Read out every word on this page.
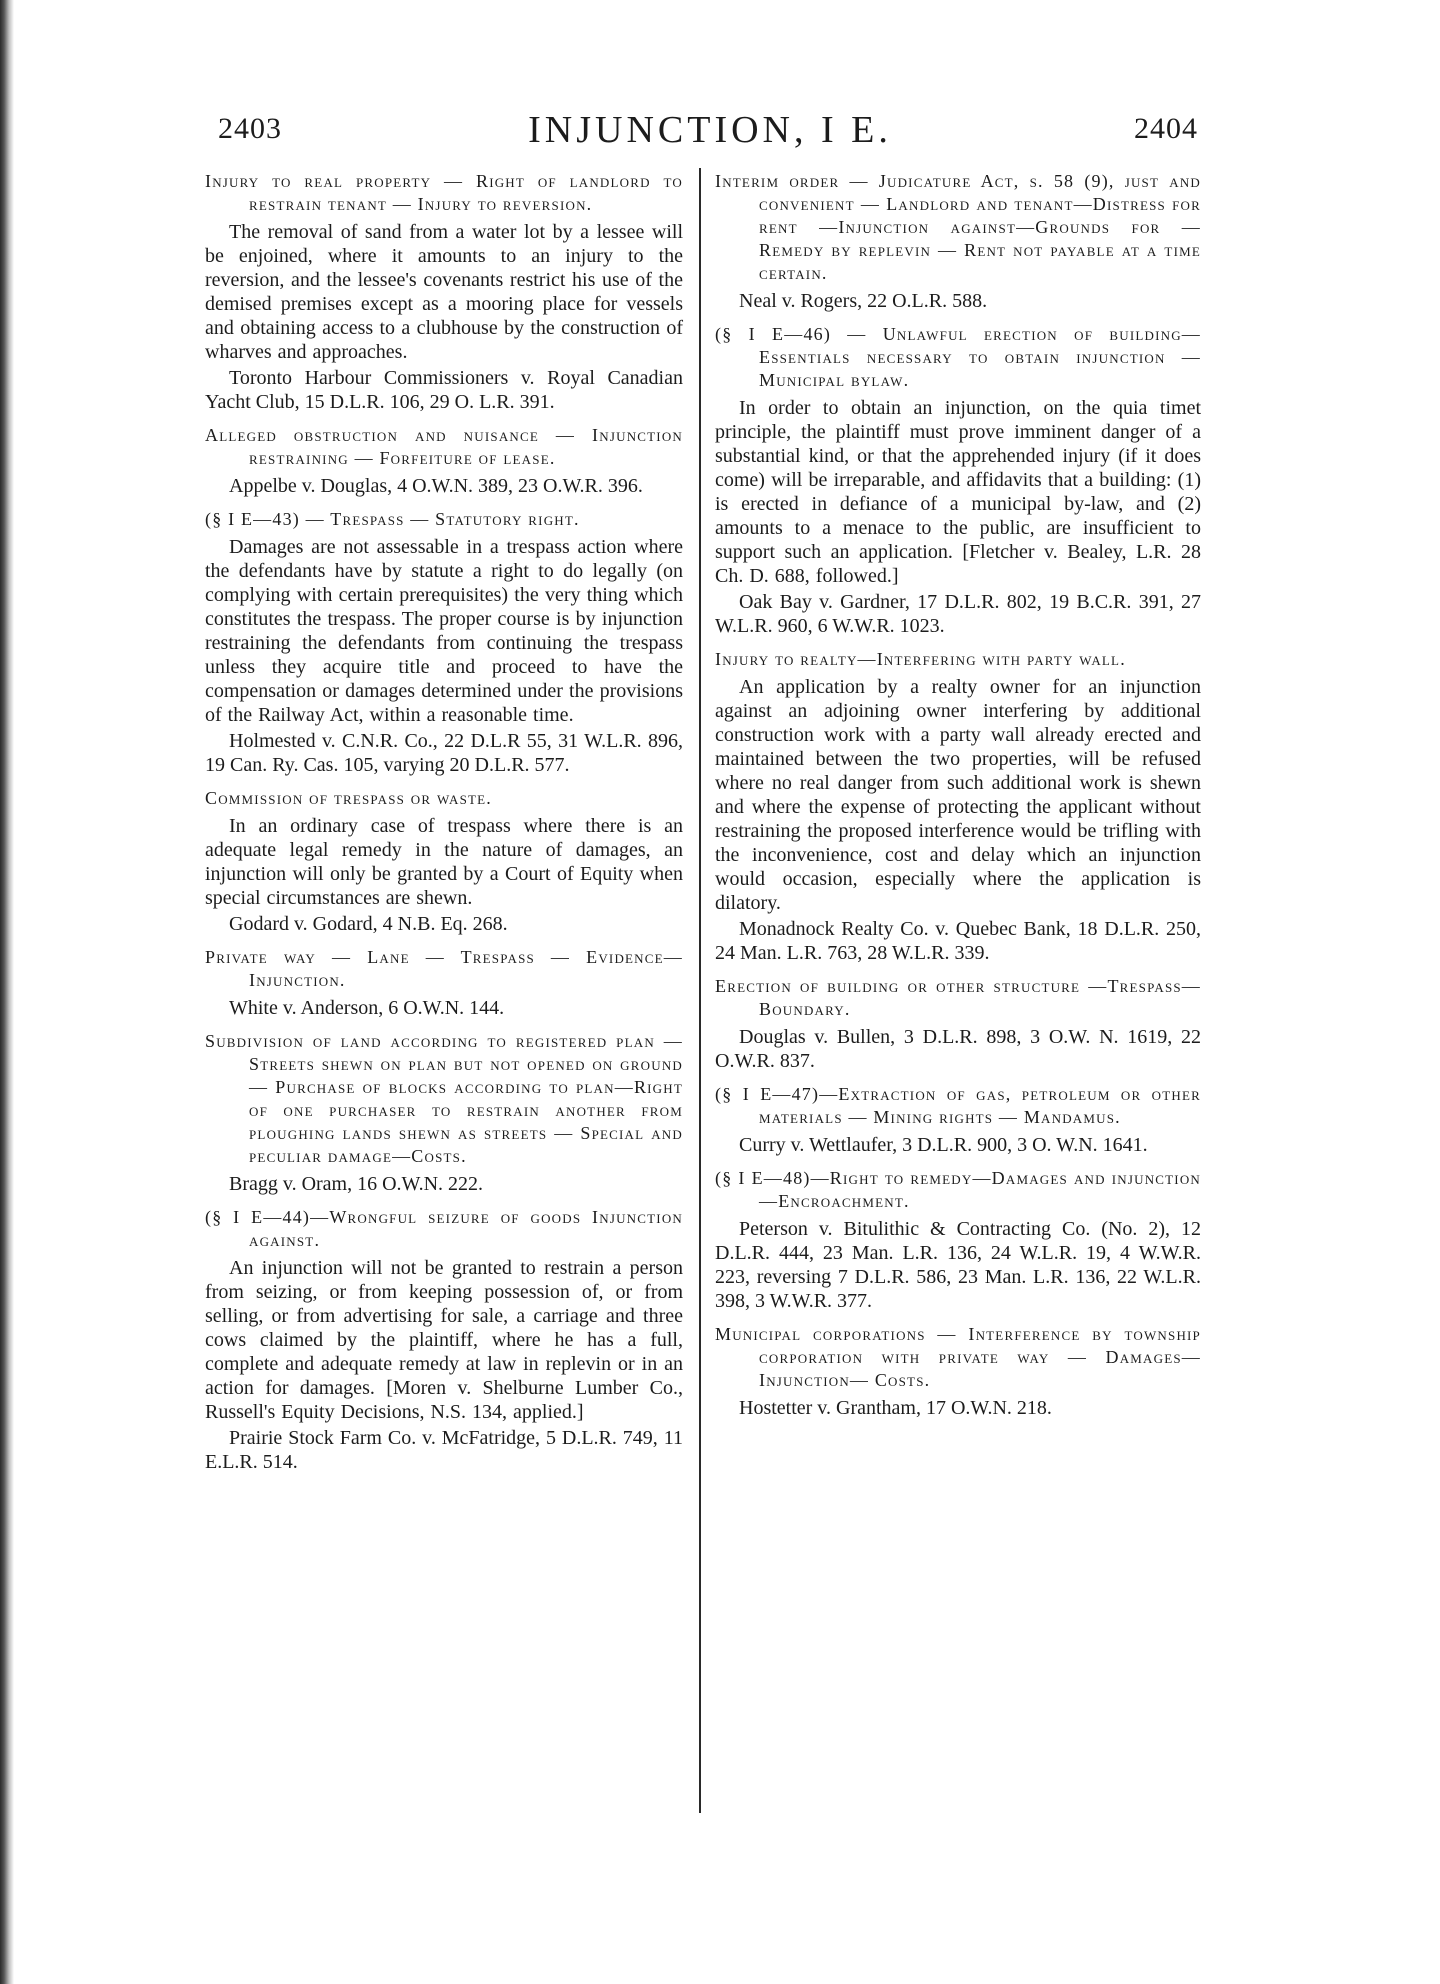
2403	INJUNCTION, I E.	2404

Injury to real property — Right of landlord to restrain tenant — Injury to reversion.

The removal of sand from a water lot by a lessee will be enjoined, where it amounts to an injury to the reversion, and the lessee's covenants restrict his use of the demised premises except as a mooring place for vessels and obtaining access to a clubhouse by the construction of wharves and approaches.

Toronto Harbour Commissioners v. Royal Canadian Yacht Club, 15 D.L.R. 106, 29 O. L.R. 391.

Alleged obstruction and nuisance — Injunction restraining — Forfeiture of lease.

Appelbe v. Douglas, 4 O.W.N. 389, 23 O.W.R. 396.

(§ I E—43) — Trespass — Statutory right.

Damages are not assessable in a trespass action where the defendants have by statute a right to do legally (on complying with certain prerequisites) the very thing which constitutes the trespass. The proper course is by injunction restraining the defendants from continuing the trespass unless they acquire title and proceed to have the compensation or damages determined under the provisions of the Railway Act, within a reasonable time.

Holmested v. C.N.R. Co., 22 D.L.R 55, 31 W.L.R. 896, 19 Can. Ry. Cas. 105, varying 20 D.L.R. 577.

Commission of trespass or waste.

In an ordinary case of trespass where there is an adequate legal remedy in the nature of damages, an injunction will only be granted by a Court of Equity when special circumstances are shewn.

Godard v. Godard, 4 N.B. Eq. 268.

Private way — Lane — Trespass — Evidence—Injunction.

White v. Anderson, 6 O.W.N. 144.

Subdivision of land according to registered plan — Streets shewn on plan but not opened on ground — Purchase of blocks according to plan—Right of one purchaser to restrain another from ploughing lands shewn as streets — Special and peculiar damage—Costs.

Bragg v. Oram, 16 O.W.N. 222.

(§ I E—44)—Wrongful seizure of goods Injunction against.

An injunction will not be granted to restrain a person from seizing, or from keeping possession of, or from selling, or from advertising for sale, a carriage and three cows claimed by the plaintiff, where he has a full, complete and adequate remedy at law in replevin or in an action for damages. [Moren v. Shelburne Lumber Co., Russell's Equity Decisions, N.S. 134, applied.]

Prairie Stock Farm Co. v. McFatridge, 5 D.L.R. 749, 11 E.L.R. 514.

Interim order — Judicature Act, s. 58 (9), just and convenient — Landlord and tenant—Distress for rent —Injunction against—Grounds for —Remedy by replevin — Rent not payable at a time certain.

Neal v. Rogers, 22 O.L.R. 588.

(§ I E—46) — Unlawful erection of building—Essentials necessary to obtain injunction — Municipal bylaw.

In order to obtain an injunction, on the quia timet principle, the plaintiff must prove imminent danger of a substantial kind, or that the apprehended injury (if it does come) will be irreparable, and affidavits that a building: (1) is erected in defiance of a municipal by-law, and (2) amounts to a menace to the public, are insufficient to support such an application. [Fletcher v. Bealey, L.R. 28 Ch. D. 688, followed.]

Oak Bay v. Gardner, 17 D.L.R. 802, 19 B.C.R. 391, 27 W.L.R. 960, 6 W.W.R. 1023.

Injury to realty—Interfering with party wall.

An application by a realty owner for an injunction against an adjoining owner interfering by additional construction work with a party wall already erected and maintained between the two properties, will be refused where no real danger from such additional work is shewn and where the expense of protecting the applicant without restraining the proposed interference would be trifling with the inconvenience, cost and delay which an injunction would occasion, especially where the application is dilatory.

Monadnock Realty Co. v. Quebec Bank, 18 D.L.R. 250, 24 Man. L.R. 763, 28 W.L.R. 339.

Erection of building or other structure —Trespass—Boundary.

Douglas v. Bullen, 3 D.L.R. 898, 3 O.W. N. 1619, 22 O.W.R. 837.

(§ I E—47)—Extraction of gas, petroleum or other materials — Mining rights — Mandamus.

Curry v. Wettlaufer, 3 D.L.R. 900, 3 O. W.N. 1641.

(§ I E—48)—Right to remedy—Damages and injunction—Encroachment.

Peterson v. Bitulithic & Contracting Co. (No. 2), 12 D.L.R. 444, 23 Man. L.R. 136, 24 W.L.R. 19, 4 W.W.R. 223, reversing 7 D.L.R. 586, 23 Man. L.R. 136, 22 W.L.R. 398, 3 W.W.R. 377.

Municipal corporations — Interference by township corporation with private way — Damages—Injunction— Costs.

Hostetter v. Grantham, 17 O.W.N. 218.
